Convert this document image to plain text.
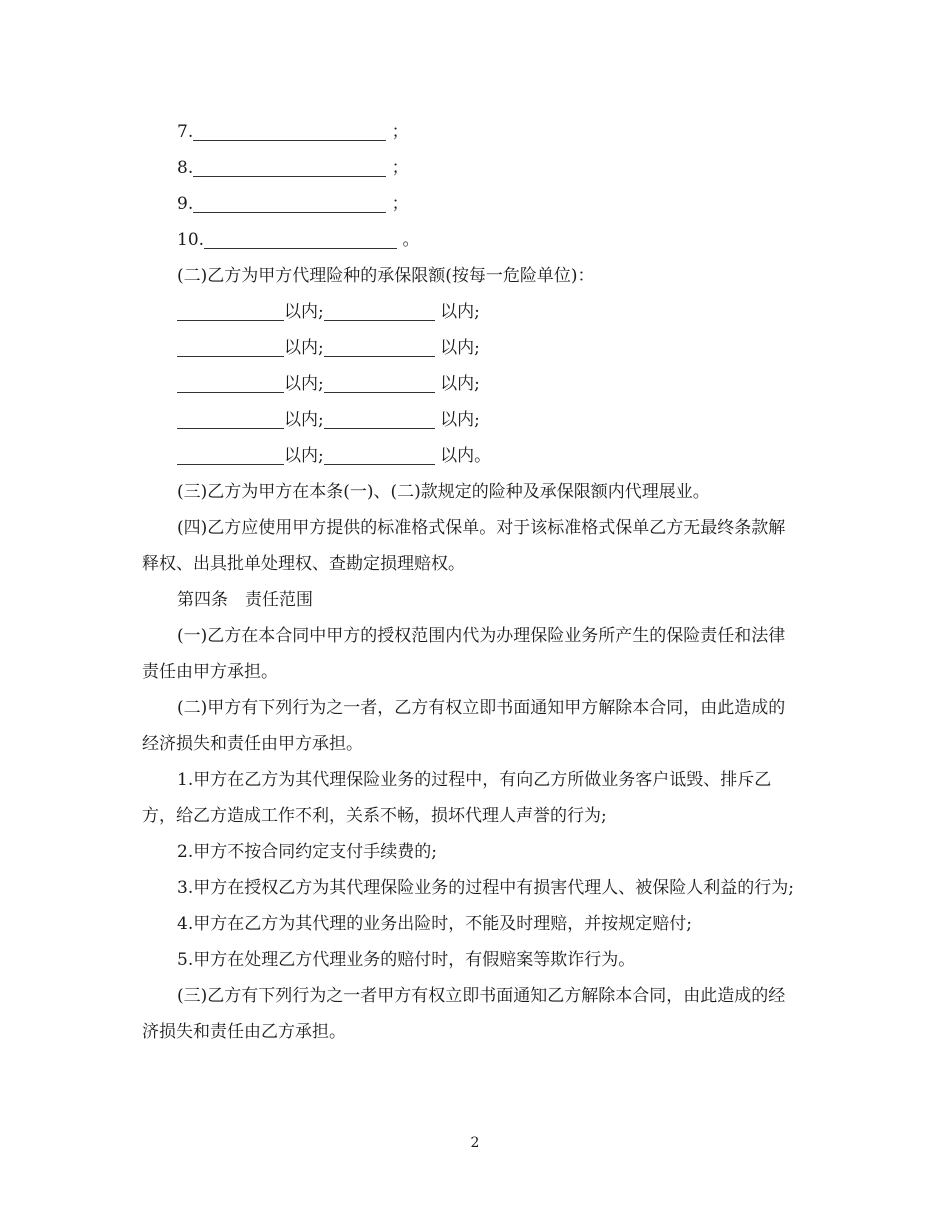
7.	；
8.	；
9.	；
10.	。
(二)乙方为甲方代理险种的承保限额(按每一危险单位)：
以内;	以内;
以内;	以内;
以内;	以内;
以内;	以内;
以内;	以内。
(三)乙方为甲方在本条(一)、(二)款规定的险种及承保限额内代理展业。
(四)乙方应使用甲方提供的标准格式保单。对于该标准格式保单乙方无最终条款解释权、出具批单处理权、查勘定损理赔权。
第四条　责任范围
(一)乙方在本合同中甲方的授权范围内代为办理保险业务所产生的保险责任和法律责任由甲方承担。
(二)甲方有下列行为之一者，乙方有权立即书面通知甲方解除本合同，由此造成的经济损失和责任由甲方承担。
1.甲方在乙方为其代理保险业务的过程中，有向乙方所做业务客户诋毁、排斥乙方，给乙方造成工作不利，关系不畅，损坏代理人声誉的行为;
2.甲方不按合同约定支付手续费的;
3.甲方在授权乙方为其代理保险业务的过程中有损害代理人、被保险人利益的行为;
4.甲方在乙方为其代理的业务出险时，不能及时理赔，并按规定赔付;
5.甲方在处理乙方代理业务的赔付时，有假赔案等欺诈行为。
(三)乙方有下列行为之一者甲方有权立即书面通知乙方解除本合同，由此造成的经济损失和责任由乙方承担。
2
